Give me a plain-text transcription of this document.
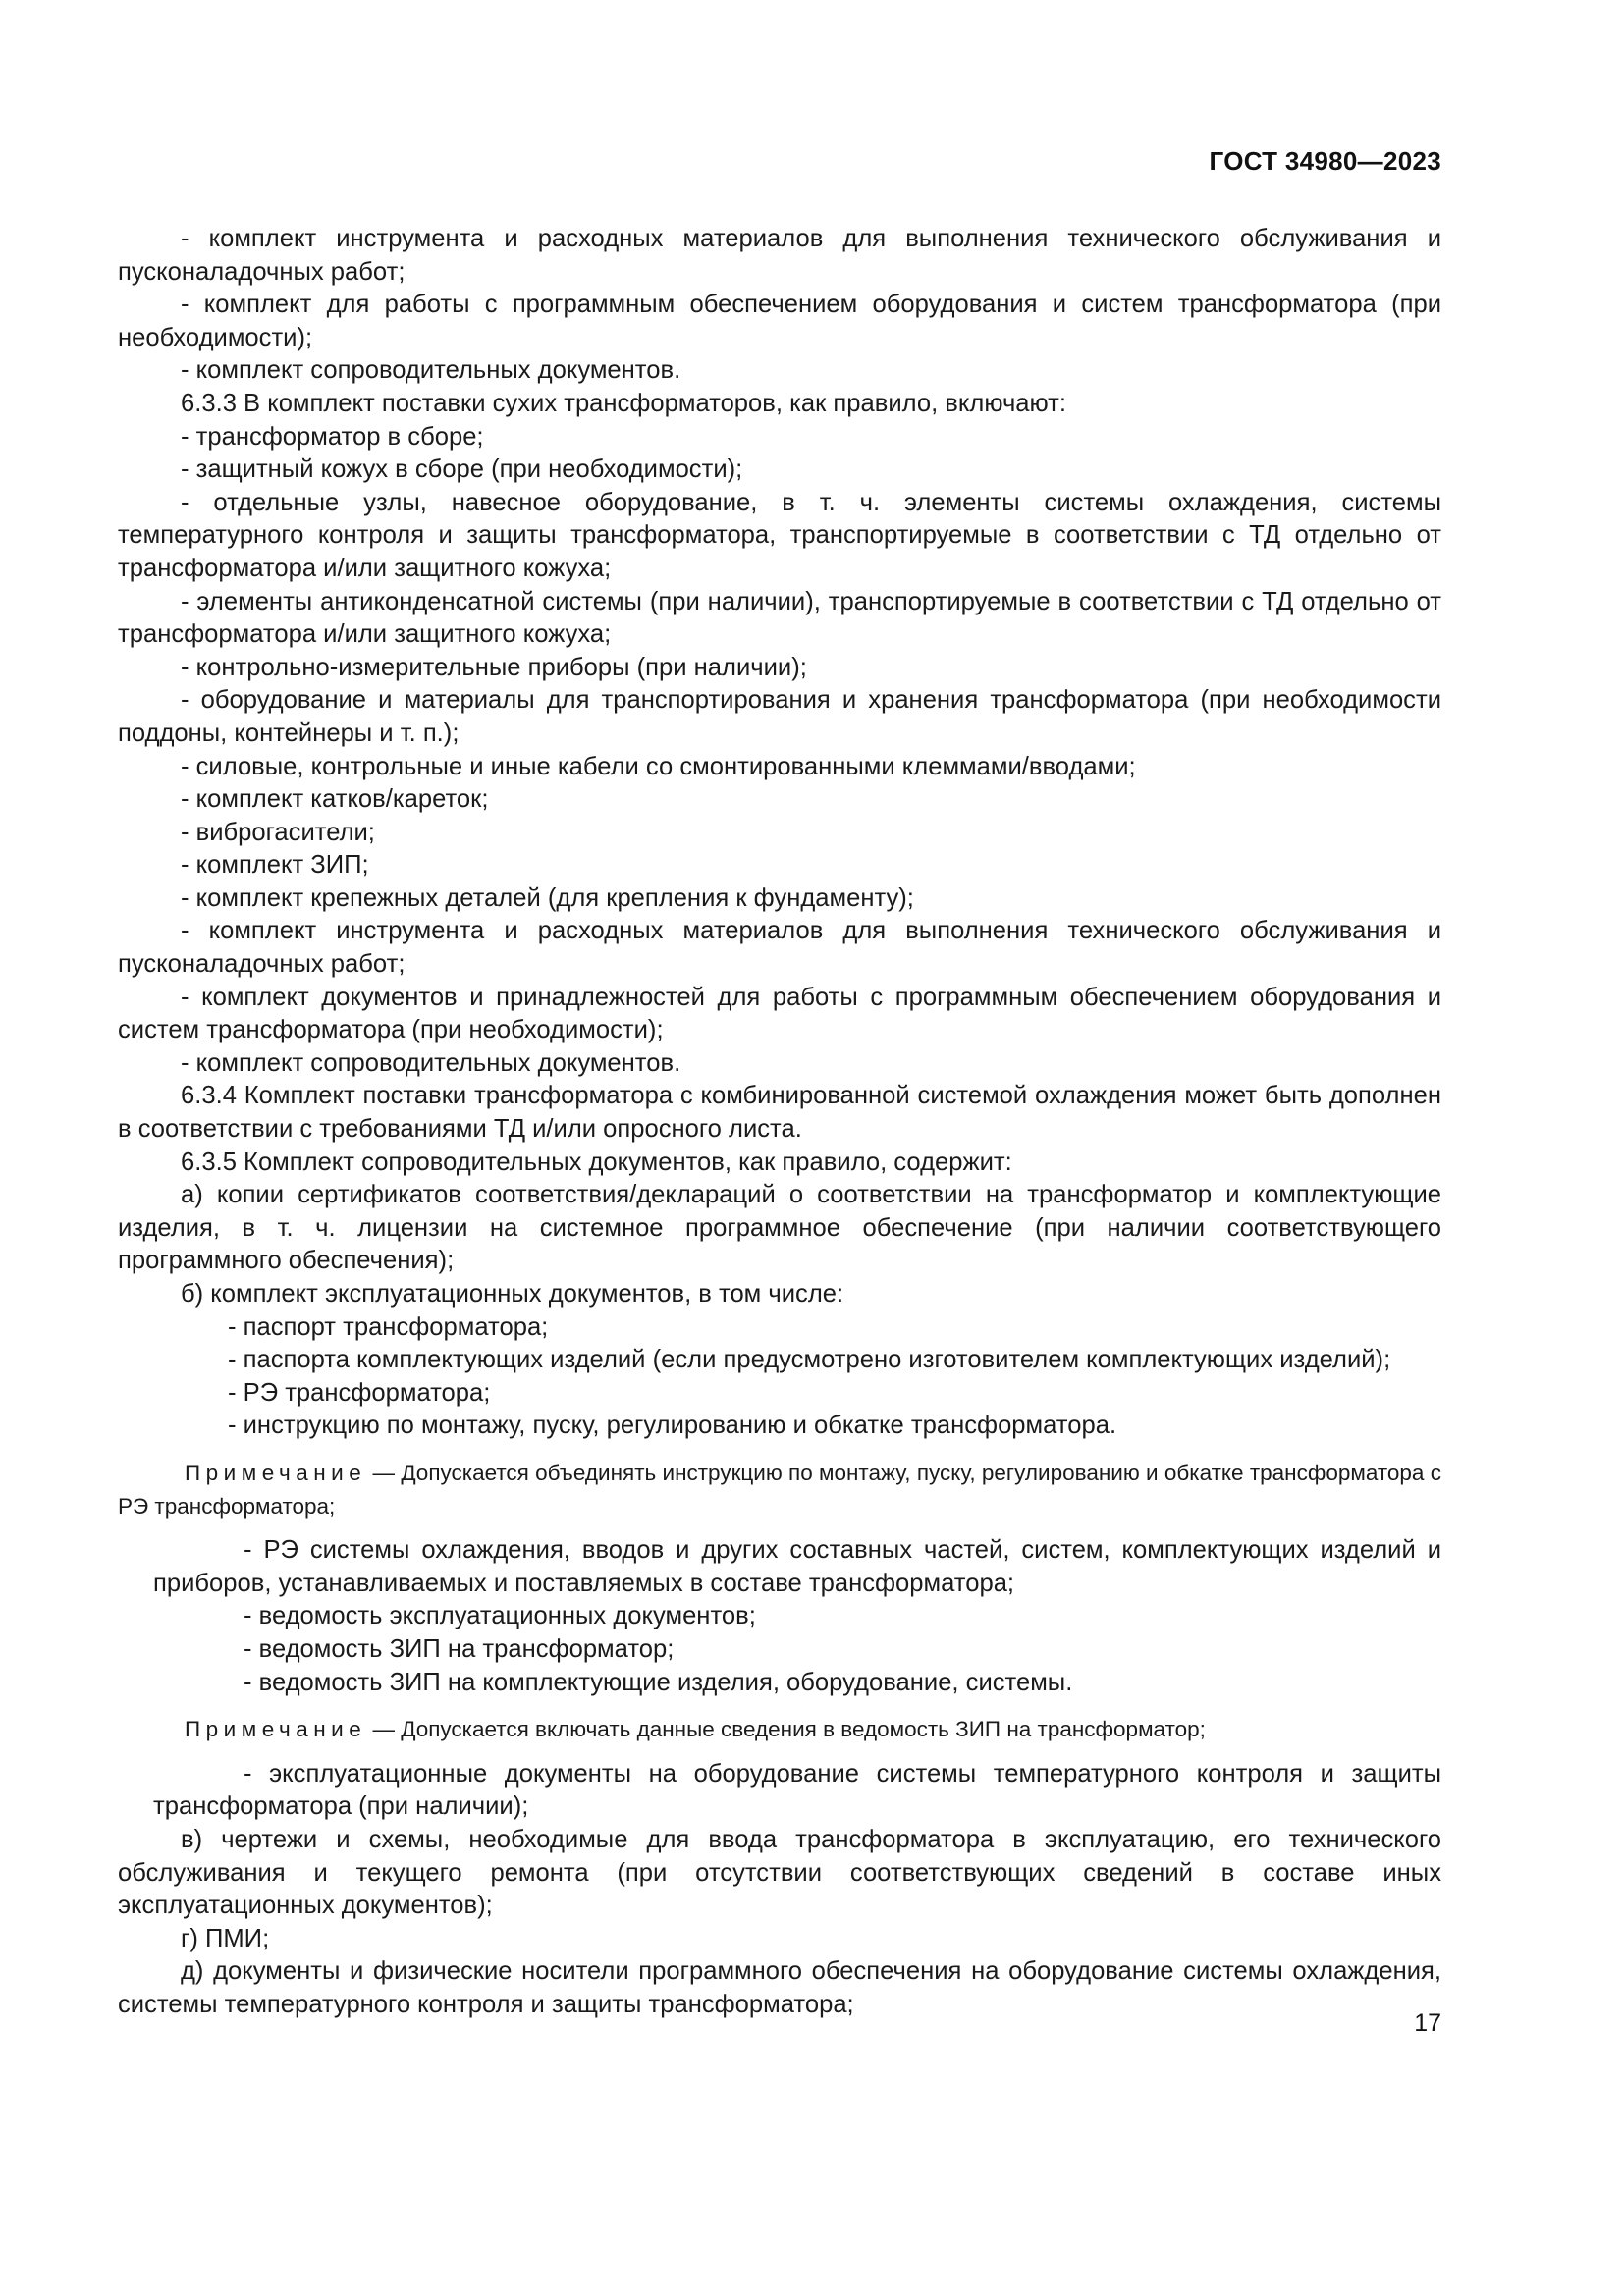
ГОСТ 34980—2023

- комплект инструмента и расходных материалов для выполнения технического обслуживания и пусконаладочных работ;

- комплект для работы с программным обеспечением оборудования и систем трансформатора (при необходимости);

- комплект сопроводительных документов.

6.3.3 В комплект поставки сухих трансформаторов, как правило, включают:

- трансформатор в сборе;

- защитный кожух в сборе (при необходимости);

- отдельные узлы, навесное оборудование, в т. ч. элементы системы охлаждения, системы температурного контроля и защиты трансформатора, транспортируемые в соответствии с ТД отдельно от трансформатора и/или защитного кожуха;

- элементы антиконденсатной системы (при наличии), транспортируемые в соответствии с ТД отдельно от трансформатора и/или защитного кожуха;

- контрольно-измерительные приборы (при наличии);

- оборудование и материалы для транспортирования и хранения трансформатора (при необходимости поддоны, контейнеры и т. п.);

- силовые, контрольные и иные кабели со смонтированными клеммами/вводами;

- комплект катков/кареток;

- виброгасители;

- комплект ЗИП;

- комплект крепежных деталей (для крепления к фундаменту);

- комплект инструмента и расходных материалов для выполнения технического обслуживания и пусконаладочных работ;

- комплект документов и принадлежностей для работы с программным обеспечением оборудования и систем трансформатора (при необходимости);

- комплект сопроводительных документов.

6.3.4 Комплект поставки трансформатора с комбинированной системой охлаждения может быть дополнен в соответствии с требованиями ТД и/или опросного листа.

6.3.5 Комплект сопроводительных документов, как правило, содержит:

а) копии сертификатов соответствия/деклараций о соответствии на трансформатор и комплектующие изделия, в т. ч. лицензии на системное программное обеспечение (при наличии соответствующего программного обеспечения);

б) комплект эксплуатационных документов, в том числе:

- паспорт трансформатора;

- паспорта комплектующих изделий (если предусмотрено изготовителем комплектующих изделий);

- РЭ трансформатора;

- инструкцию по монтажу, пуску, регулированию и обкатке трансформатора.

Примечание — Допускается объединять инструкцию по монтажу, пуску, регулированию и обкатке трансформатора с РЭ трансформатора;

- РЭ системы охлаждения, вводов и других составных частей, систем, комплектующих изделий и приборов, устанавливаемых и поставляемых в составе трансформатора;

- ведомость эксплуатационных документов;

- ведомость ЗИП на трансформатор;

- ведомость ЗИП на комплектующие изделия, оборудование, системы.

Примечание — Допускается включать данные сведения в ведомость ЗИП на трансформатор;

- эксплуатационные документы на оборудование системы температурного контроля и защиты трансформатора (при наличии);

в) чертежи и схемы, необходимые для ввода трансформатора в эксплуатацию, его технического обслуживания и текущего ремонта (при отсутствии соответствующих сведений в составе иных эксплуатационных документов);

г) ПМИ;

д) документы и физические носители программного обеспечения на оборудование системы охлаждения, системы температурного контроля и защиты трансформатора;

17
